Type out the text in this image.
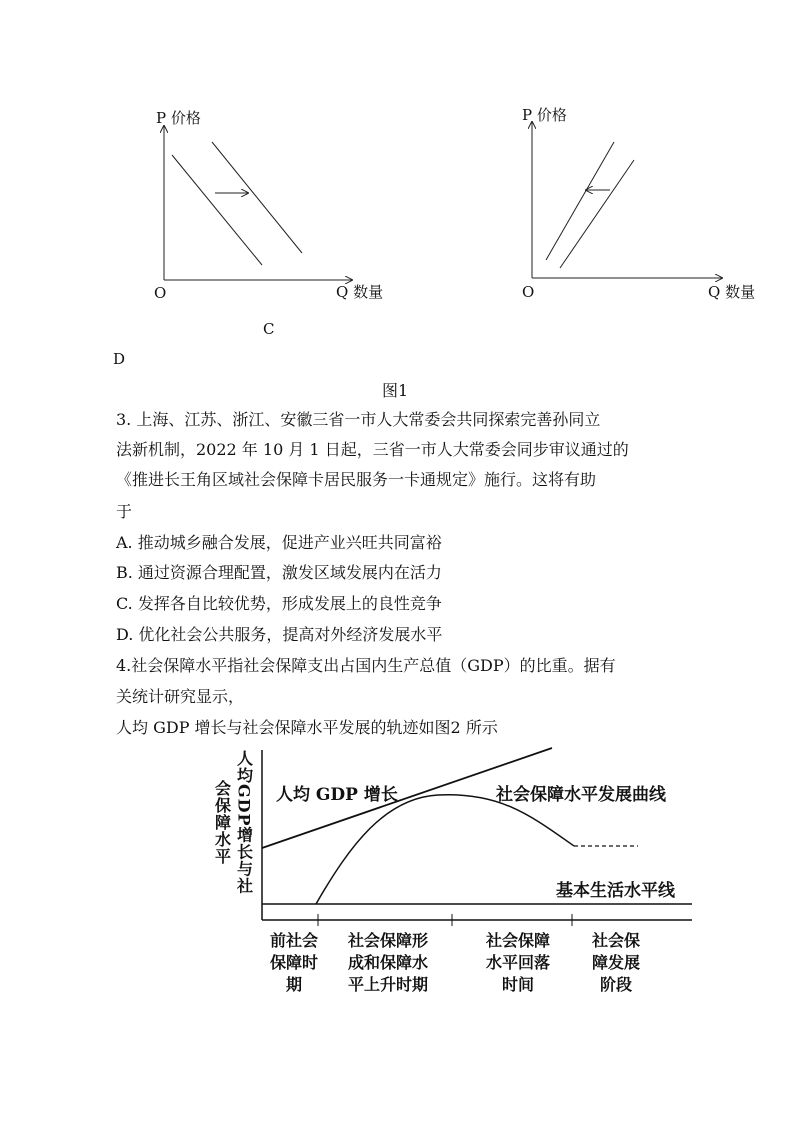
P 价格
Q 数量
O
P 价格
Q 数量
O
C
D
图1
3. 上海、江苏、浙江、安徽三省一市人大常委会共同探索完善孙同立
法新机制，2022 年 10 月 1 日起，三省一市人大常委会同步审议通过的
《推进长王角区域社会保障卡居民服务一卡通规定》施行。这将有助
于
A. 推动城乡融合发展，促进产业兴旺共同富裕
B. 通过资源合理配置，激发区域发展内在活力
C. 发挥各自比较优势，形成发展上的良性竞争
D. 优化社会公共服务，提高对外经济发展水平
4.社会保障水平指社会保障支出占国内生产总值（GDP）的比重。据有
关统计研究显示，
人均 GDP 增长与社会保障水平发展的轨迹如图2 所示
人均GDP增长与社
会保障水平	人均 GDP 增长	社会保障水平发展曲线
基本生活水平线
前社会
保障时
期
社会保障形
成和保障水
平上升时期
社会保障
水平回落
时间
社会保
障发展
阶段
